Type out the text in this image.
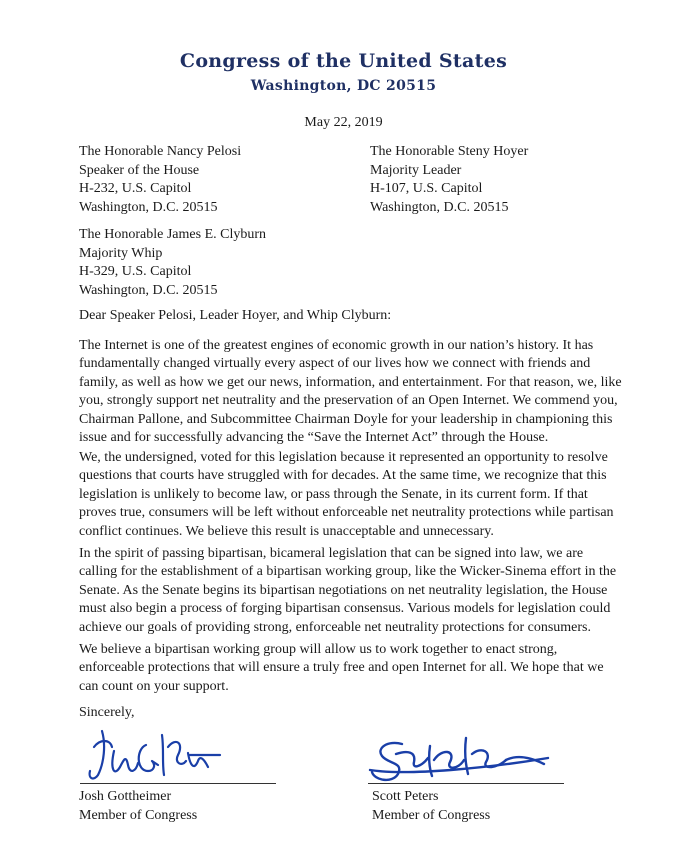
Congress of the United States
Washington, DC 20515
May 22, 2019
The Honorable Nancy Pelosi
Speaker of the House
H-232, U.S. Capitol
Washington, D.C. 20515
The Honorable Steny Hoyer
Majority Leader
H-107, U.S. Capitol
Washington, D.C. 20515
The Honorable James E. Clyburn
Majority Whip
H-329, U.S. Capitol
Washington, D.C. 20515
Dear Speaker Pelosi, Leader Hoyer, and Whip Clyburn:
The Internet is one of the greatest engines of economic growth in our nation’s history. It has
fundamentally changed virtually every aspect of our lives how we connect with friends and
family, as well as how we get our news, information, and entertainment. For that reason, we, like
you, strongly support net neutrality and the preservation of an Open Internet. We commend you,
Chairman Pallone, and Subcommittee Chairman Doyle for your leadership in championing this
issue and for successfully advancing the “Save the Internet Act” through the House.
We, the undersigned, voted for this legislation because it represented an opportunity to resolve
questions that courts have struggled with for decades. At the same time, we recognize that this
legislation is unlikely to become law, or pass through the Senate, in its current form. If that
proves true, consumers will be left without enforceable net neutrality protections while partisan
conflict continues. We believe this result is unacceptable and unnecessary.
In the spirit of passing bipartisan, bicameral legislation that can be signed into law, we are
calling for the establishment of a bipartisan working group, like the Wicker-Sinema effort in the
Senate. As the Senate begins its bipartisan negotiations on net neutrality legislation, the House
must also begin a process of forging bipartisan consensus. Various models for legislation could
achieve our goals of providing strong, enforceable net neutrality protections for consumers.
We believe a bipartisan working group will allow us to work together to enact strong,
enforceable protections that will ensure a truly free and open Internet for all. We hope that we
can count on your support.
Sincerely,
Josh Gottheimer
Member of Congress
Scott Peters
Member of Congress
